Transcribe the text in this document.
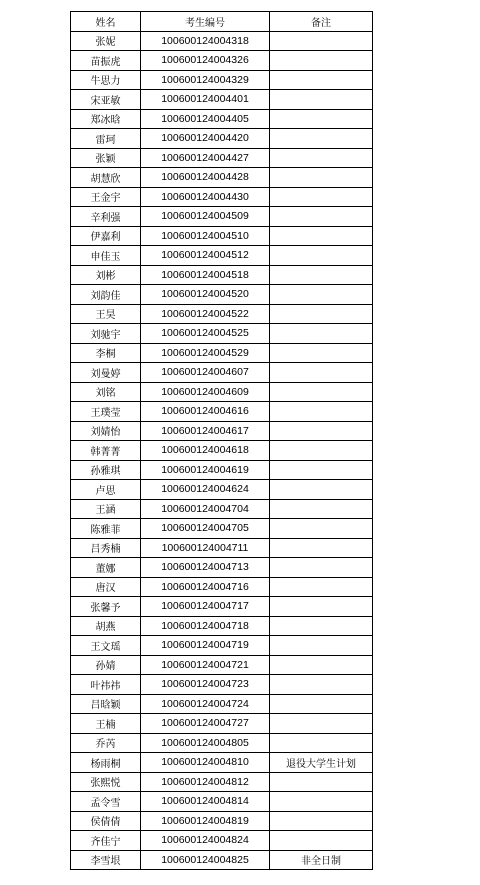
姓名	考生编号	备注
张妮	100600124004318	
苗振虎	100600124004326	
牛思力	100600124004329	
宋亚敏	100600124004401	
郑冰晗	100600124004405	
雷珂	100600124004420	
张颖	100600124004427	
胡慧欣	100600124004428	
王金宇	100600124004430	
辛利强	100600124004509	
伊嘉利	100600124004510	
申佳玉	100600124004512	
刘彬	100600124004518	
刘韵佳	100600124004520	
王昊	100600124004522	
刘驰宇	100600124004525	
李桐	100600124004529	
刘曼婷	100600124004607	
刘铭	100600124004609	
王璞莹	100600124004616	
刘婧怡	100600124004617	
韩菁菁	100600124004618	
孙雅琪	100600124004619	
卢思	100600124004624	
王涵	100600124004704	
陈雅菲	100600124004705	
吕秀楠	100600124004711	
董娜	100600124004713	
唐汉	100600124004716	
张馨予	100600124004717	
胡燕	100600124004718	
王文瑶	100600124004719	
孙婧	100600124004721	
叶祎祎	100600124004723	
吕晗颖	100600124004724	
王楠	100600124004727	
乔芮	100600124004805	
杨雨桐	100600124004810	退役大学生计划
张熙悦	100600124004812	
孟令雪	100600124004814	
侯倩倩	100600124004819	
齐佳宁	100600124004824	
李雪垠	100600124004825	非全日制
